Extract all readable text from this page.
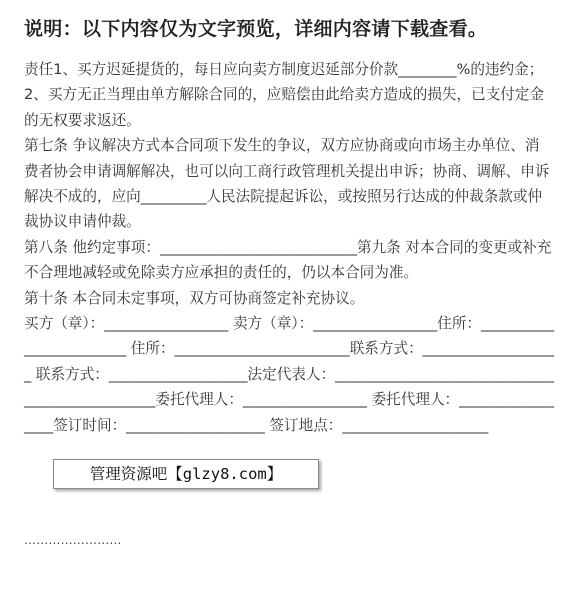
说明：以下内容仅为文字预览，详细内容请下载查看。

责任1、买方迟延提货的，每日应向卖方制度迟延部分价款________%的违约金；2、买方无正当理由单方解除合同的，应赔偿由此给卖方造成的损失，已支付定金的无权要求返还。

第七条 争议解决方式本合同项下发生的争议，双方应协商或向市场主办单位、消费者协会申请调解解决，也可以向工商行政管理机关提出申诉；协商、调解、申诉解决不成的，应向_________人民法院提起诉讼，或按照另行达成的仲裁条款或仲裁协议申请仲裁。

第八条 他约定事项：___________________________第九条 对本合同的变更或补充不合理地减轻或免除卖方应承担的责任的，仍以本合同为准。

第十条 本合同未定事项，双方可协商签定补充协议。

买方（章）：_________________ 卖方（章）：_________________住所：________________________ 住所：________________________联系方式：___________________ 联系方式：___________________法定代表人：________________________________________________委托代理人：_________________ 委托代理人：_________________签订时间：___________________ 签订地点：____________________

……………………
管理资源吧【glzy8.com】
